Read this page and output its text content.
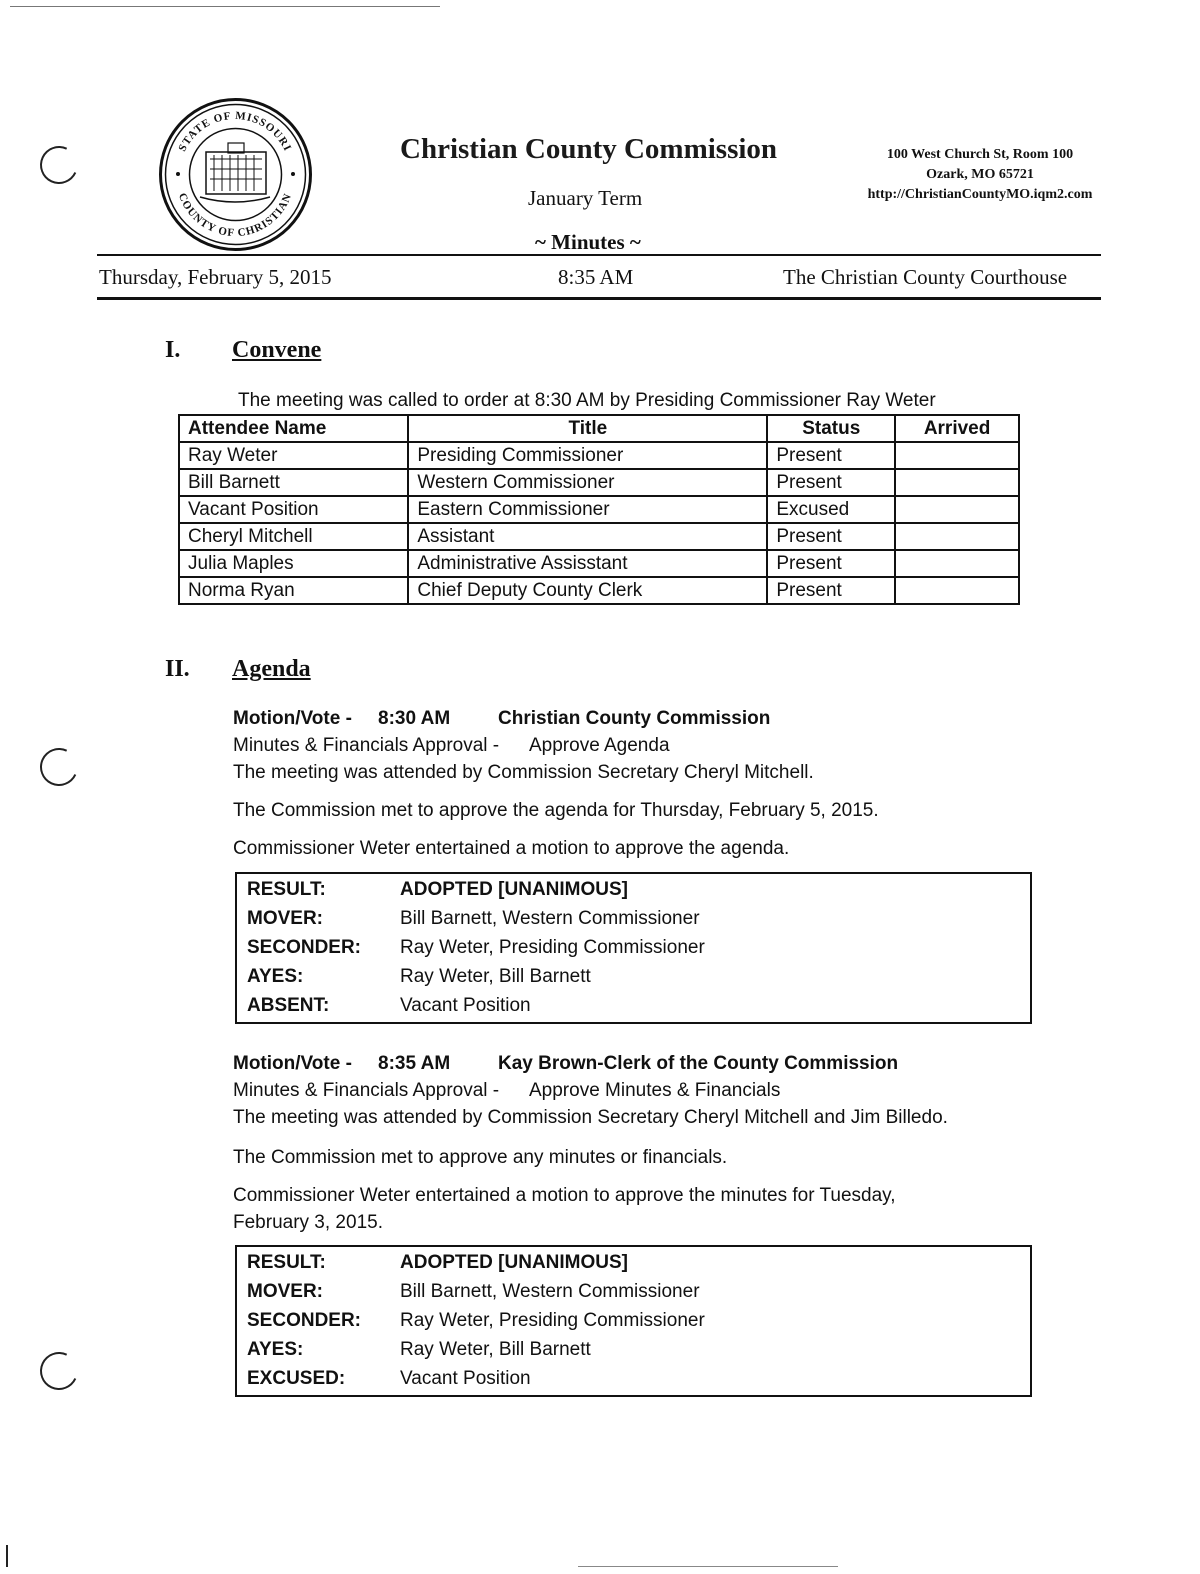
STATE OF MISSOURI
COUNTY OF CHRISTIAN
Christian County Commission
January Term
~ Minutes ~
100 West Church St, Room 100
Ozark, MO 65721
http://ChristianCountyMO.iqm2.com
Thursday, February 5, 2015	8:35 AM	The Christian County Courthouse
I. Convene
The meeting was called to order at 8:30 AM by Presiding Commissioner Ray Weter
Attendee Name	Title	Status	Arrived
Ray Weter	Presiding Commissioner	Present	
Bill Barnett	Western Commissioner	Present	
Vacant Position	Eastern Commissioner	Excused	
Cheryl Mitchell	Assistant	Present	
Julia Maples	Administrative Assisstant	Present	
Norma Ryan	Chief Deputy County Clerk	Present	
II. Agenda
Motion/Vote - 8:30 AM	Christian County Commission
Minutes & Financials Approval - Approve Agenda
The meeting was attended by Commission Secretary Cheryl Mitchell.
The Commission met to approve the agenda for Thursday, February 5, 2015.
Commissioner Weter entertained a motion to approve the agenda.
RESULT:	ADOPTED [UNANIMOUS]
MOVER:	Bill Barnett, Western Commissioner
SECONDER: Ray Weter, Presiding Commissioner
AYES:	Ray Weter, Bill Barnett
ABSENT:	Vacant Position
Motion/Vote - 8:35 AM	Kay Brown-Clerk of the County Commission
Minutes & Financials Approval - Approve Minutes & Financials
The meeting was attended by Commission Secretary Cheryl Mitchell and Jim Billedo.
The Commission met to approve any minutes or financials.
Commissioner Weter entertained a motion to approve the minutes for Tuesday,
February 3, 2015.
RESULT:	ADOPTED [UNANIMOUS]
MOVER:	Bill Barnett, Western Commissioner
SECONDER: Ray Weter, Presiding Commissioner
AYES:	Ray Weter, Bill Barnett
EXCUSED:	Vacant Position
